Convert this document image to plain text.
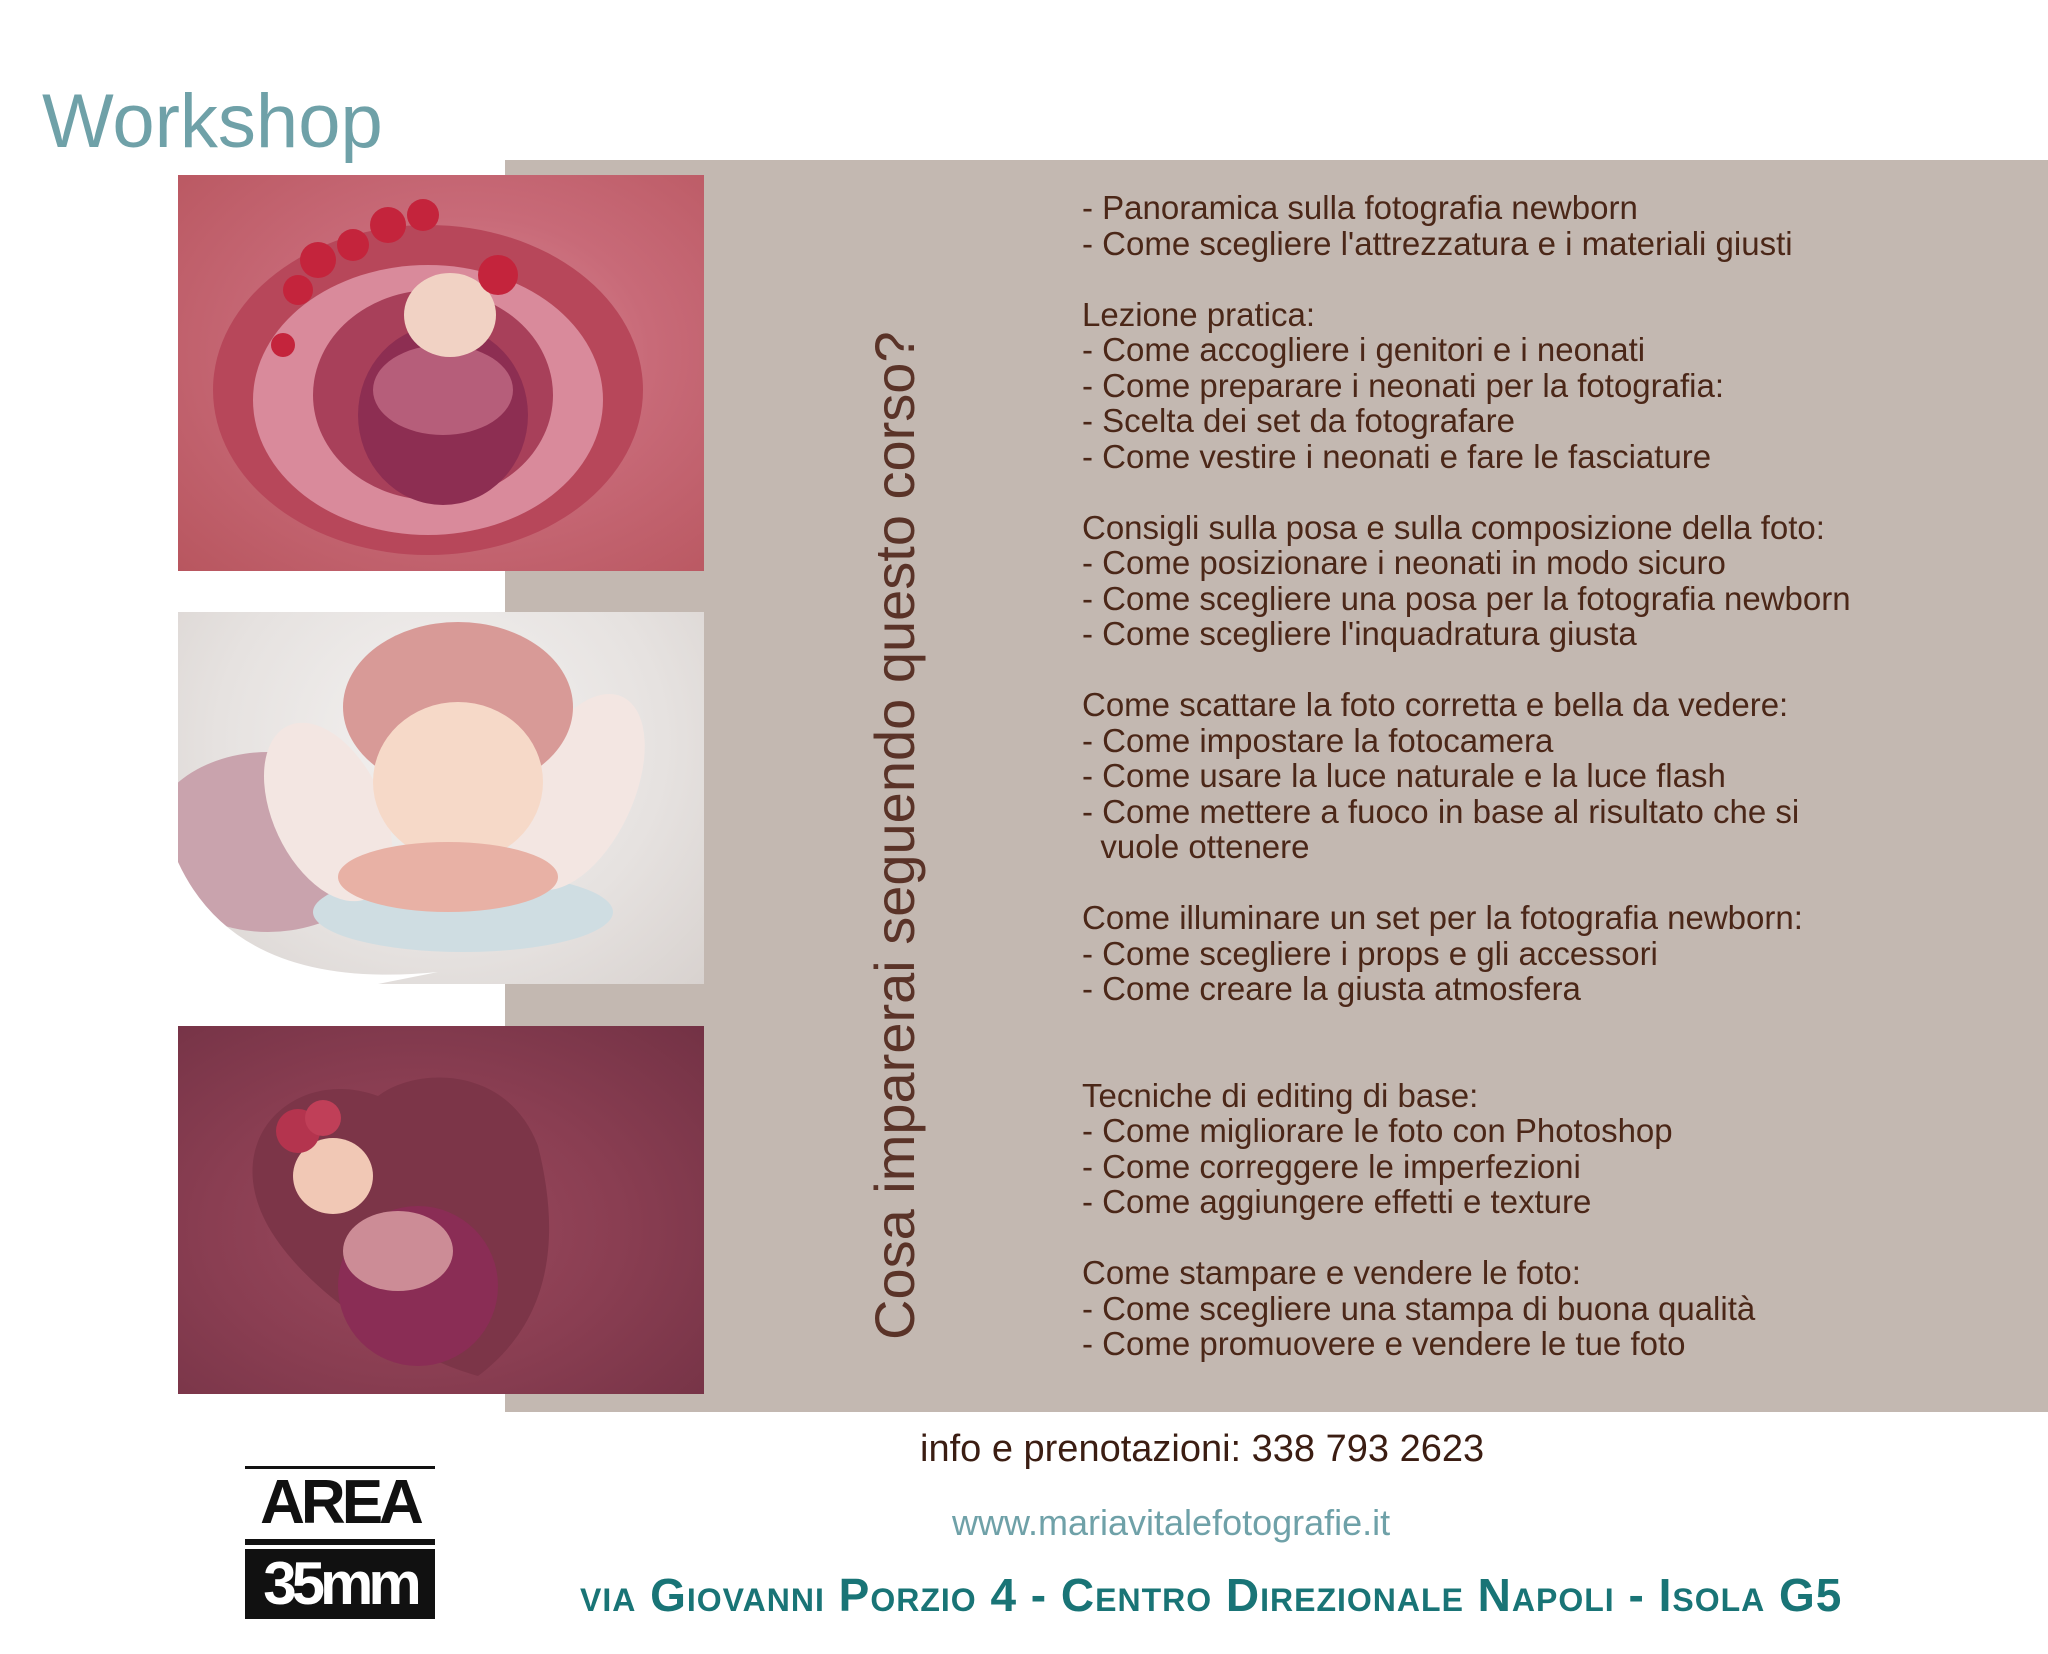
Workshop
Cosa imparerai seguendo questo corso?
- Panoramica sulla fotografia newborn
- Come scegliere l'attrezzatura e i materiali giusti

Lezione pratica:
- Come accogliere i genitori e i neonati
- Come preparare i neonati per la fotografia:
- Scelta dei set da fotografare
- Come vestire i neonati e fare le fasciature

Consigli sulla posa e sulla composizione della foto:
- Come posizionare i neonati in modo sicuro
- Come scegliere una posa per la fotografia newborn
- Come scegliere l'inquadratura giusta

Come scattare la foto corretta e bella da vedere:
- Come impostare la fotocamera
- Come usare la luce naturale e la luce flash
- Come mettere a fuoco in base al risultato che si
vuole ottenere

Come illuminare un set per la fotografia newborn:
- Come scegliere i props e gli accessori
- Come creare la giusta atmosfera

Tecniche di editing di base:
- Come migliorare le foto con Photoshop
- Come correggere le imperfezioni
- Come aggiungere effetti e texture

Come stampare e vendere le foto:
- Come scegliere una stampa di buona qualità
- Come promuovere e vendere le tue foto
info e prenotazioni: 338 793 2623
www.mariavitalefotografie.it
via Giovanni Porzio 4 - Centro Direzionale Napoli - Isola G5
AREA
35mm
